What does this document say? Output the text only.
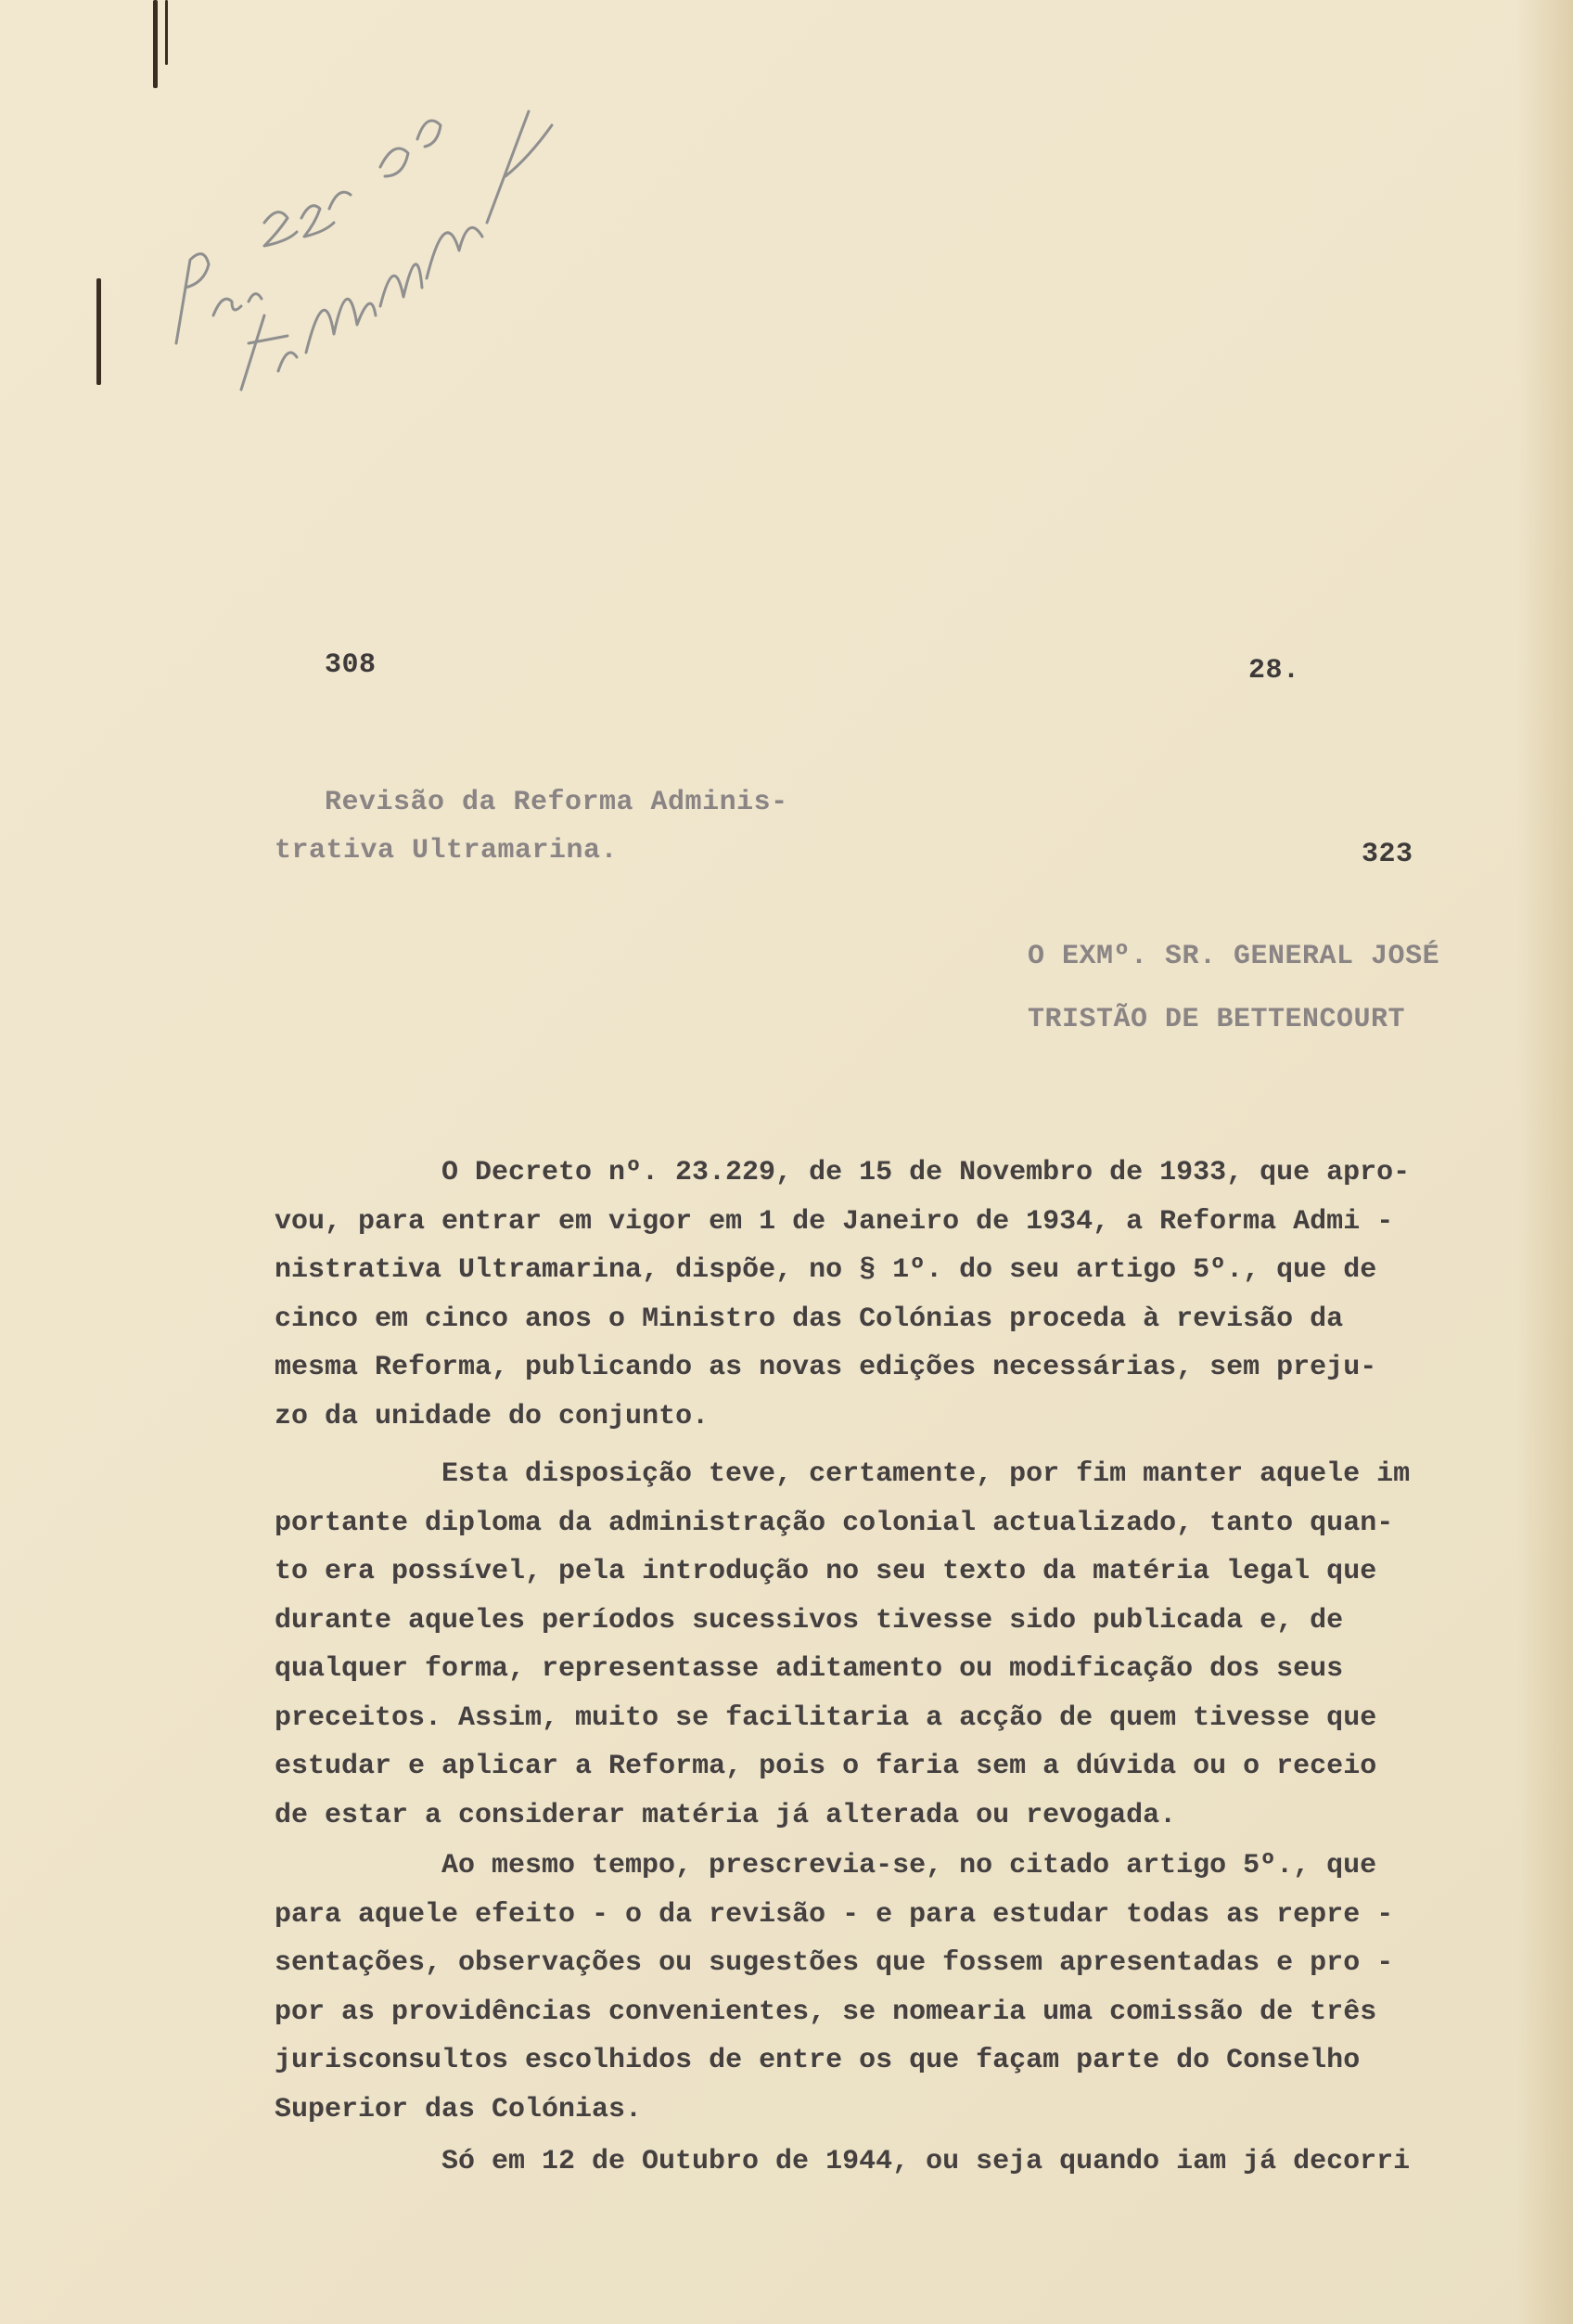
308	28.
Revisão da Reforma Adminis-
trativa Ultramarina.	323
O EXMº. SR. GENERAL JOSÉ
TRISTÃO DE BETTENCOURT
O Decreto nº. 23.229, de 15 de Novembro de 1933, que apro-
vou, para entrar em vigor em 1 de Janeiro de 1934, a Reforma Admi -
nistrativa Ultramarina, dispõe, no § 1º. do seu artigo 5º., que de
cinco em cinco anos o Ministro das Colónias proceda à revisão da
mesma Reforma, publicando as novas edições necessárias, sem preju-
zo da unidade do conjunto.
Esta disposição teve, certamente, por fim manter aquele im
portante diploma da administração colonial actualizado, tanto quan-
to era possível, pela introdução no seu texto da matéria legal que
durante aqueles períodos sucessivos tivesse sido publicada e, de
qualquer forma, representasse aditamento ou modificação dos seus
preceitos. Assim, muito se facilitaria a acção de quem tivesse que
estudar e aplicar a Reforma, pois o faria sem a dúvida ou o receio
de estar a considerar matéria já alterada ou revogada.
Ao mesmo tempo, prescrevia-se, no citado artigo 5º., que
para aquele efeito - o da revisão - e para estudar todas as repre -
sentações, observações ou sugestões que fossem apresentadas e pro -
por as providências convenientes, se nomearia uma comissão de três
jurisconsultos escolhidos de entre os que façam parte do Conselho
Superior das Colónias.
Só em 12 de Outubro de 1944, ou seja quando iam já decorri
